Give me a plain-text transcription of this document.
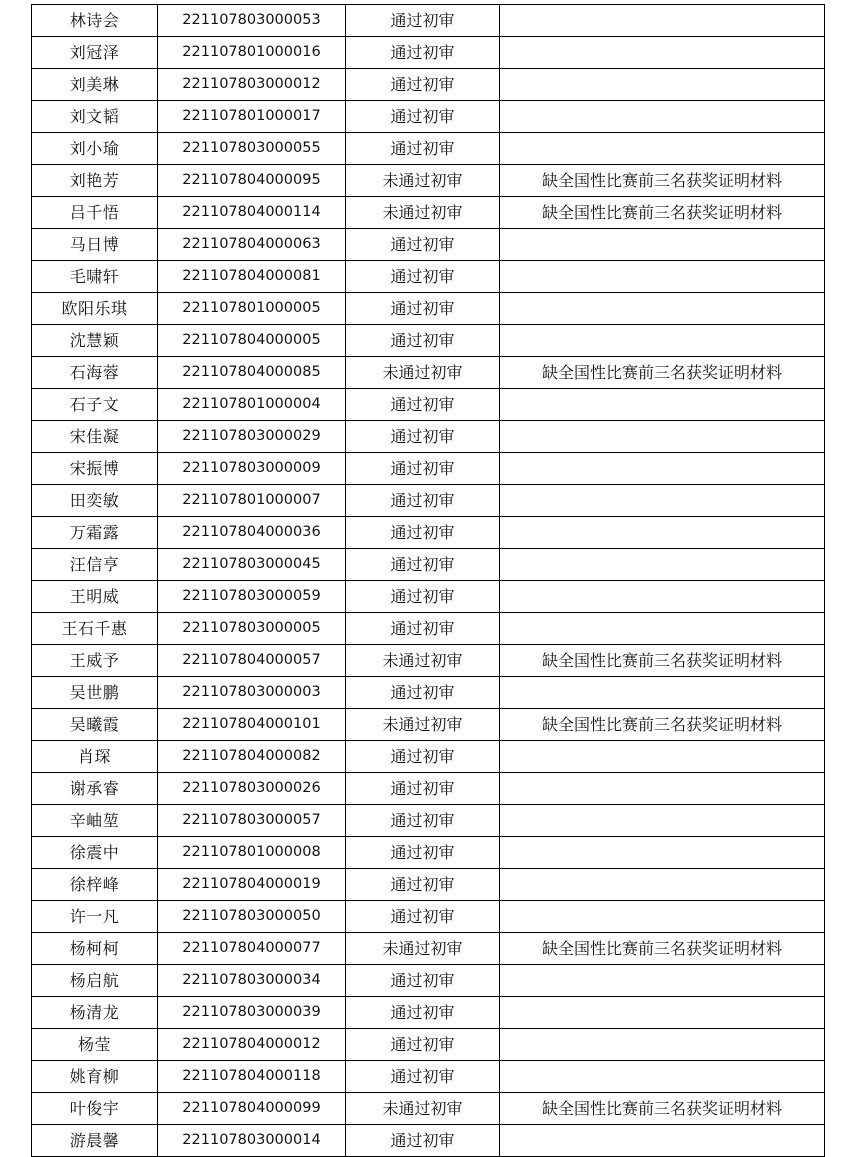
林诗会	221107803000053	通过初审	
刘冠泽	221107801000016	通过初审	
刘美琳	221107803000012	通过初审	
刘文韬	221107801000017	通过初审	
刘小瑜	221107803000055	通过初审	
刘艳芳	221107804000095	未通过初审	缺全国性比赛前三名获奖证明材料
吕千悟	221107804000114	未通过初审	缺全国性比赛前三名获奖证明材料
马日博	221107804000063	通过初审	
毛啸轩	221107804000081	通过初审	
欧阳乐琪	221107801000005	通过初审	
沈慧颖	221107804000005	通过初审	
石海蓉	221107804000085	未通过初审	缺全国性比赛前三名获奖证明材料
石子文	221107801000004	通过初审	
宋佳凝	221107803000029	通过初审	
宋振博	221107803000009	通过初审	
田奕敏	221107801000007	通过初审	
万霜露	221107804000036	通过初审	
汪信亨	221107803000045	通过初审	
王明威	221107803000059	通过初审	
王石千惠	221107803000005	通过初审	
王威予	221107804000057	未通过初审	缺全国性比赛前三名获奖证明材料
吴世鹏	221107803000003	通过初审	
吴曦霞	221107804000101	未通过初审	缺全国性比赛前三名获奖证明材料
肖琛	221107804000082	通过初审	
谢承睿	221107803000026	通过初审	
辛岫堃	221107803000057	通过初审	
徐震中	221107801000008	通过初审	
徐梓峰	221107804000019	通过初审	
许一凡	221107803000050	通过初审	
杨柯柯	221107804000077	未通过初审	缺全国性比赛前三名获奖证明材料
杨启航	221107803000034	通过初审	
杨清龙	221107803000039	通过初审	
杨莹	221107804000012	通过初审	
姚育柳	221107804000118	通过初审	
叶俊宇	221107804000099	未通过初审	缺全国性比赛前三名获奖证明材料
游晨馨	221107803000014	通过初审	
